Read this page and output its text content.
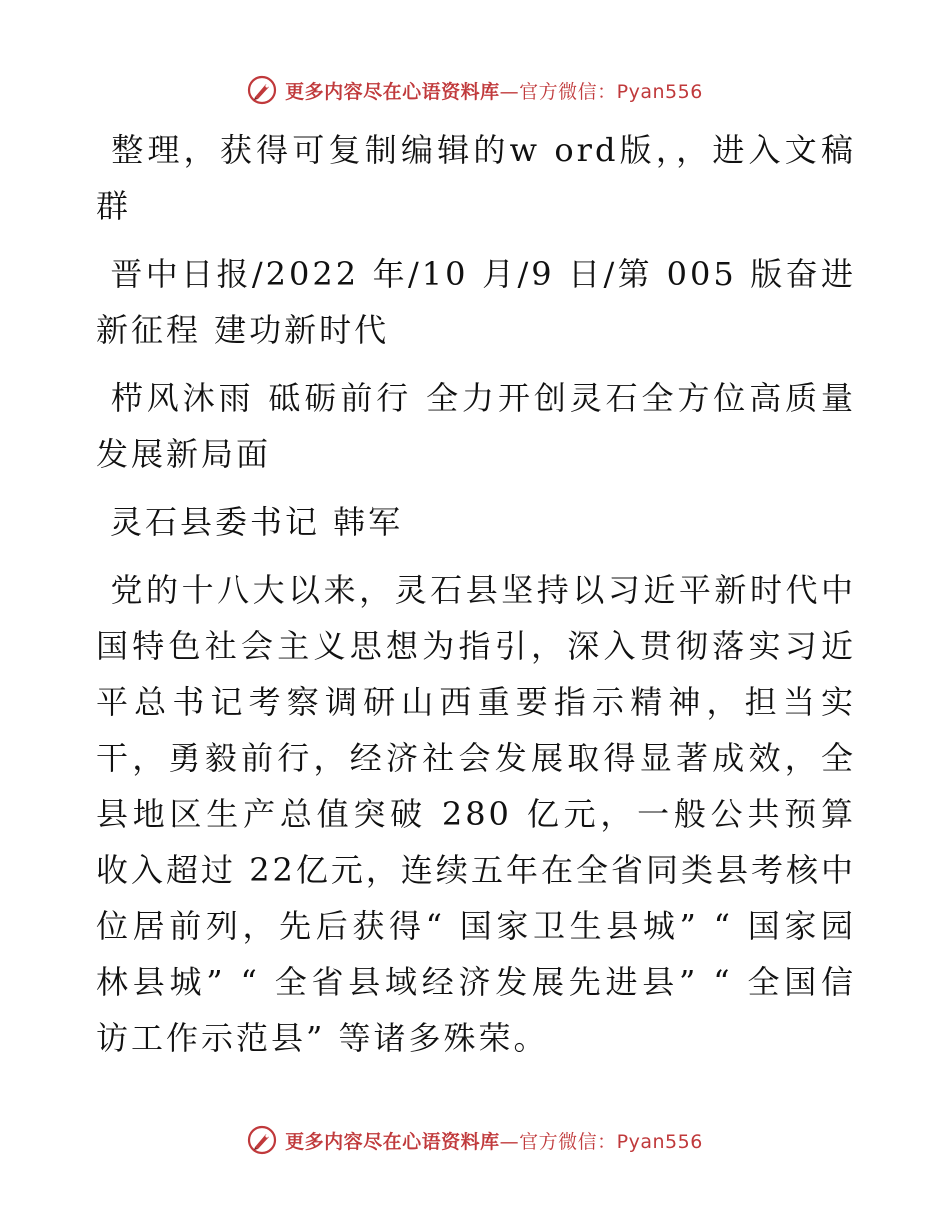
更多内容尽在心语资料库—官方微信：Pyan556

整理，获得可复制编辑的w ord版，，进入文稿群

晋中日报/2022 年/10 月/9 日/第 005 版奋进新征程 建功新时代

栉风沐雨 砥砺前行 全力开创灵石全方位高质量发展新局面

灵石县委书记 韩军

党的十八大以来，灵石县坚持以习近平新时代中国特色社会主义思想为指引，深入贯彻落实习近平总书记考察调研山西重要指示精神，担当实干，勇毅前行，经济社会发展取得显著成效，全县地区生产总值突破 280 亿元，一般公共预算收入超过 22亿元，连续五年在全省同类县考核中位居前列，先后获得“ 国家卫生县城” “ 国家园林县城” “ 全省县域经济发展先进县” “ 全国信访工作示范县” 等诸多殊荣。

更多内容尽在心语资料库—官方微信：Pyan556
